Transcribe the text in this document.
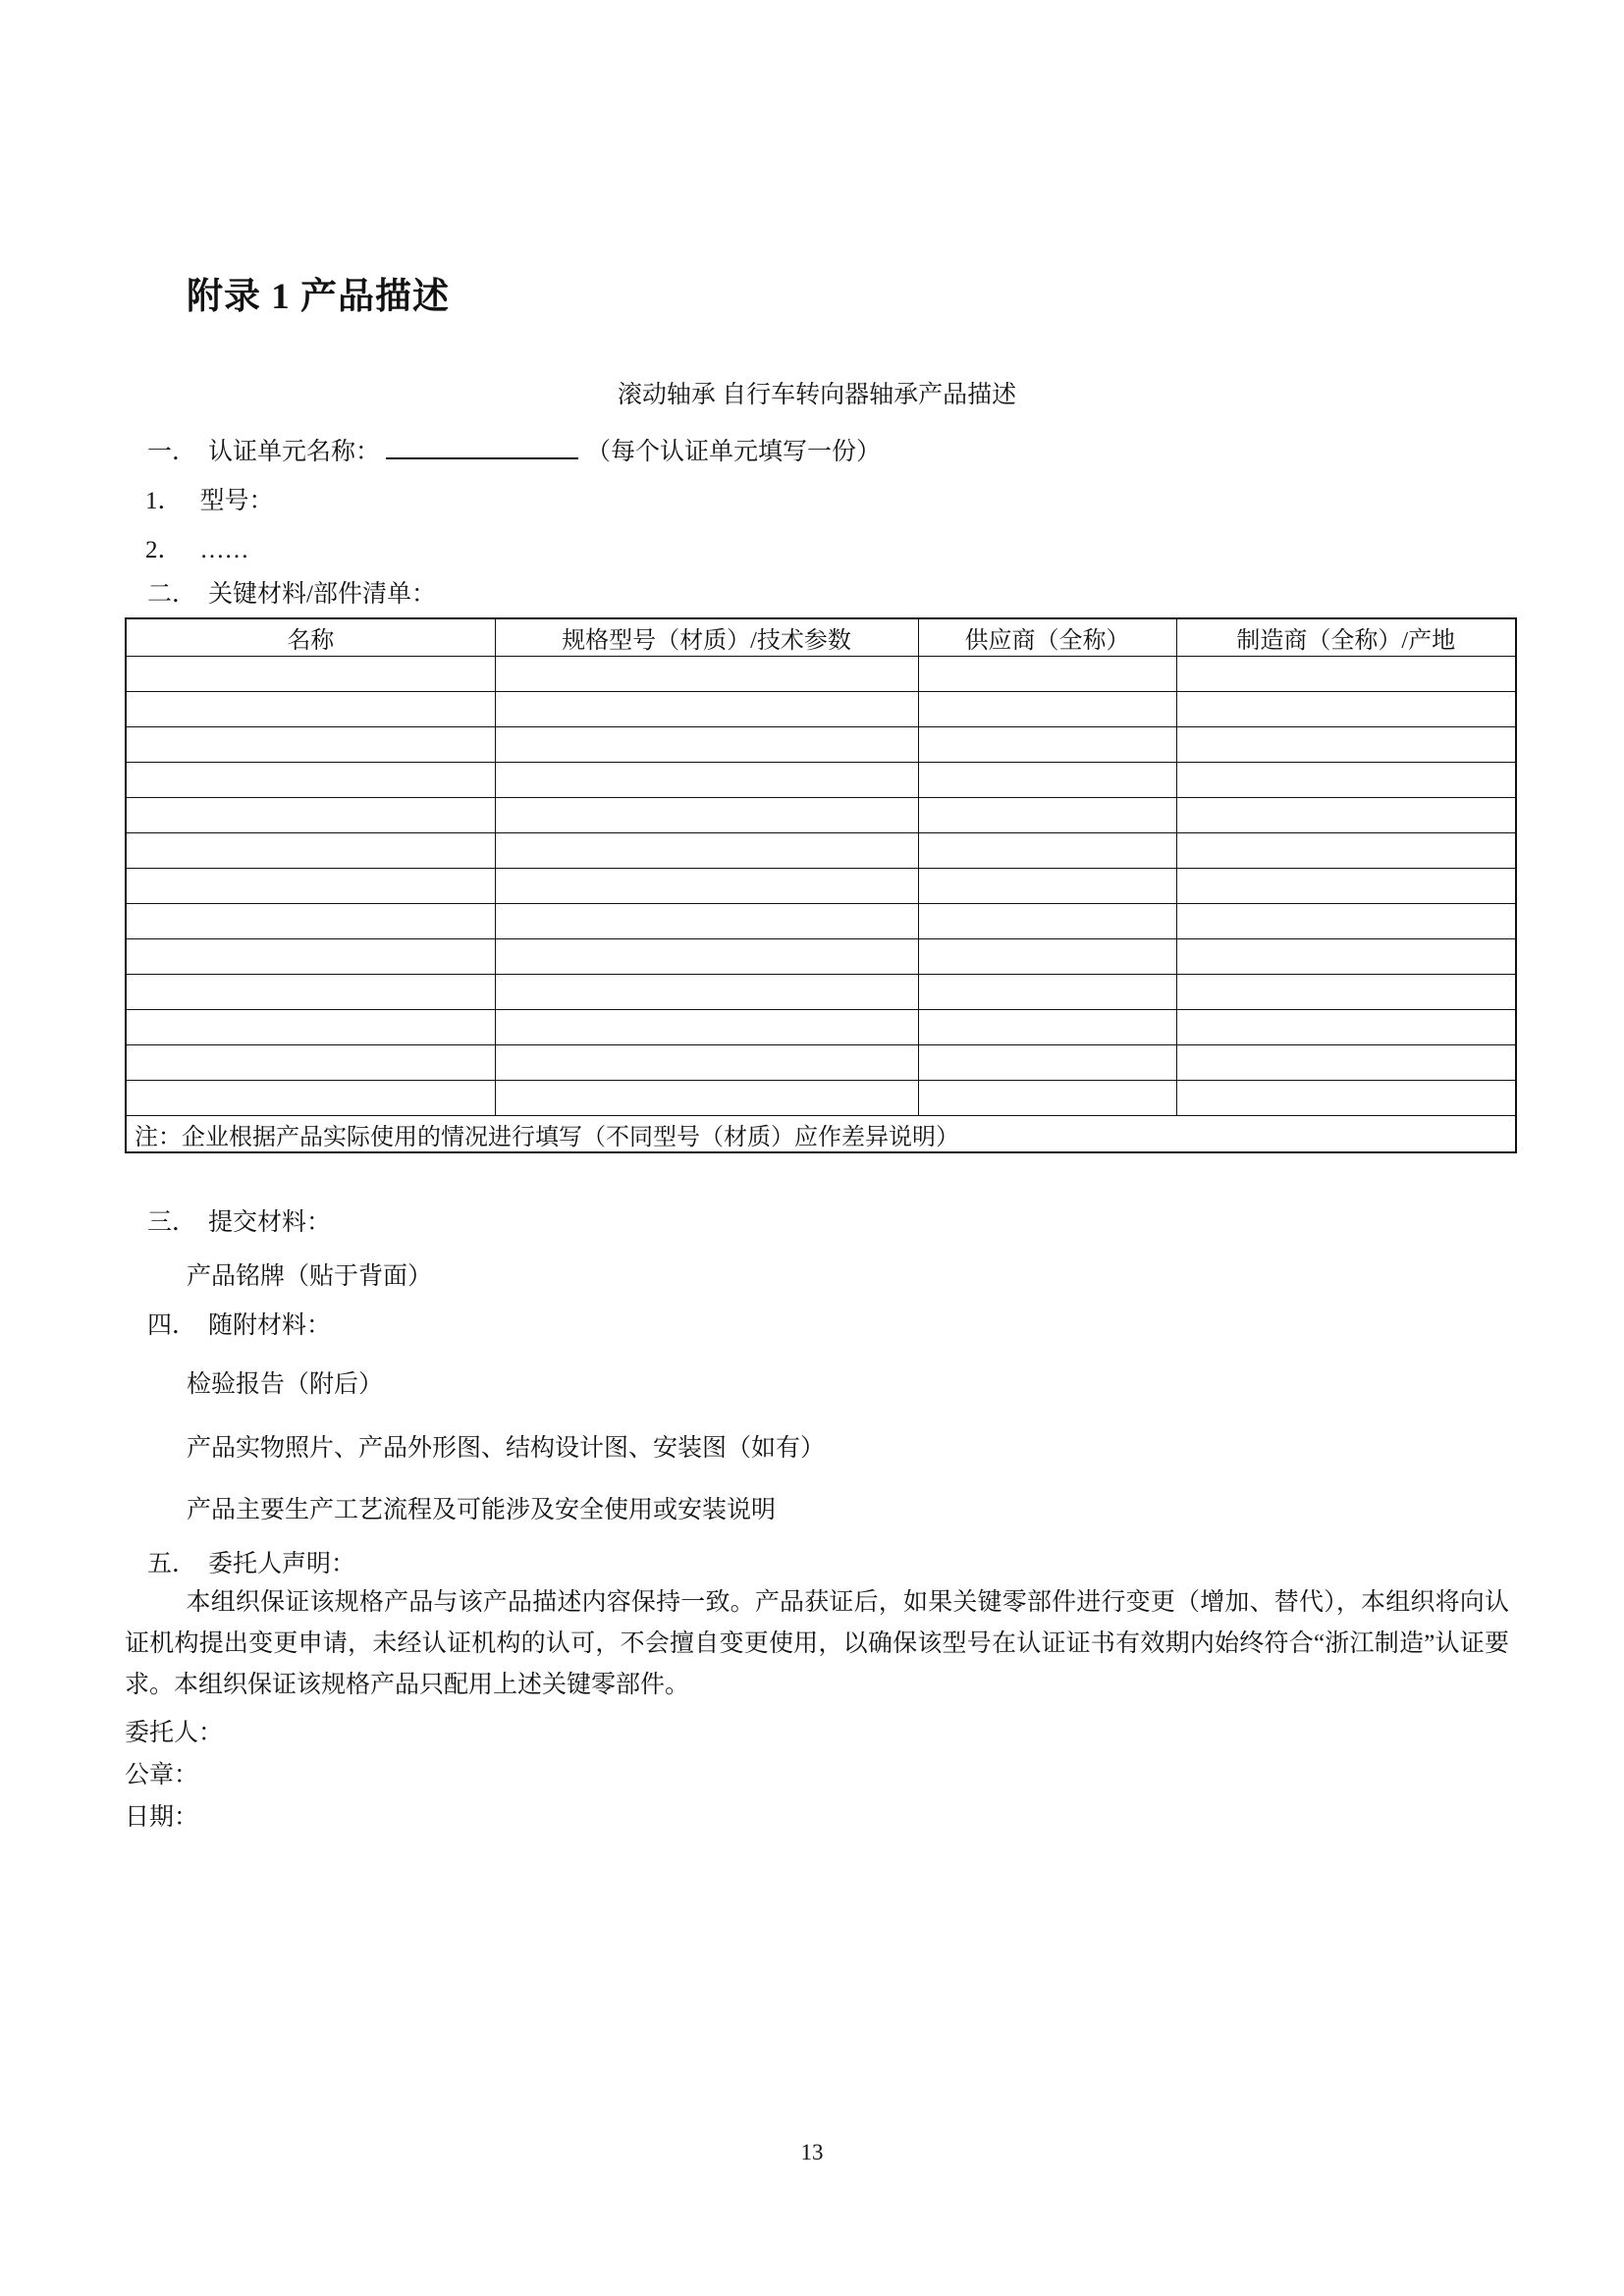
附录 1 产品描述
滚动轴承 自行车转向器轴承产品描述
一． 认证单元名称：	（每个认证单元填写一份）
1． 型号：
2． ……
二． 关键材料/部件清单：
名称	规格型号（材质）/技术参数	供应商（全称）	制造商（全称）/产地

注：企业根据产品实际使用的情况进行填写（不同型号（材质）应作差异说明）			
三． 提交材料：
产品铭牌（贴于背面）
四． 随附材料：
检验报告（附后）
产品实物照片、产品外形图、结构设计图、安装图（如有）
产品主要生产工艺流程及可能涉及安全使用或安装说明
五． 委托人声明：

本组织保证该规格产品与该产品描述内容保持一致。产品获证后，如果关键零部件进行变更（增加、替代），本组织将向认证机构提出变更申请，未经认证机构的认可，不会擅自变更使用，以确保该型号在认证证书有效期内始终符合“浙江制造”认证要求。本组织保证该规格产品只配用上述关键零部件。

委托人：
公章：
日期：
13
